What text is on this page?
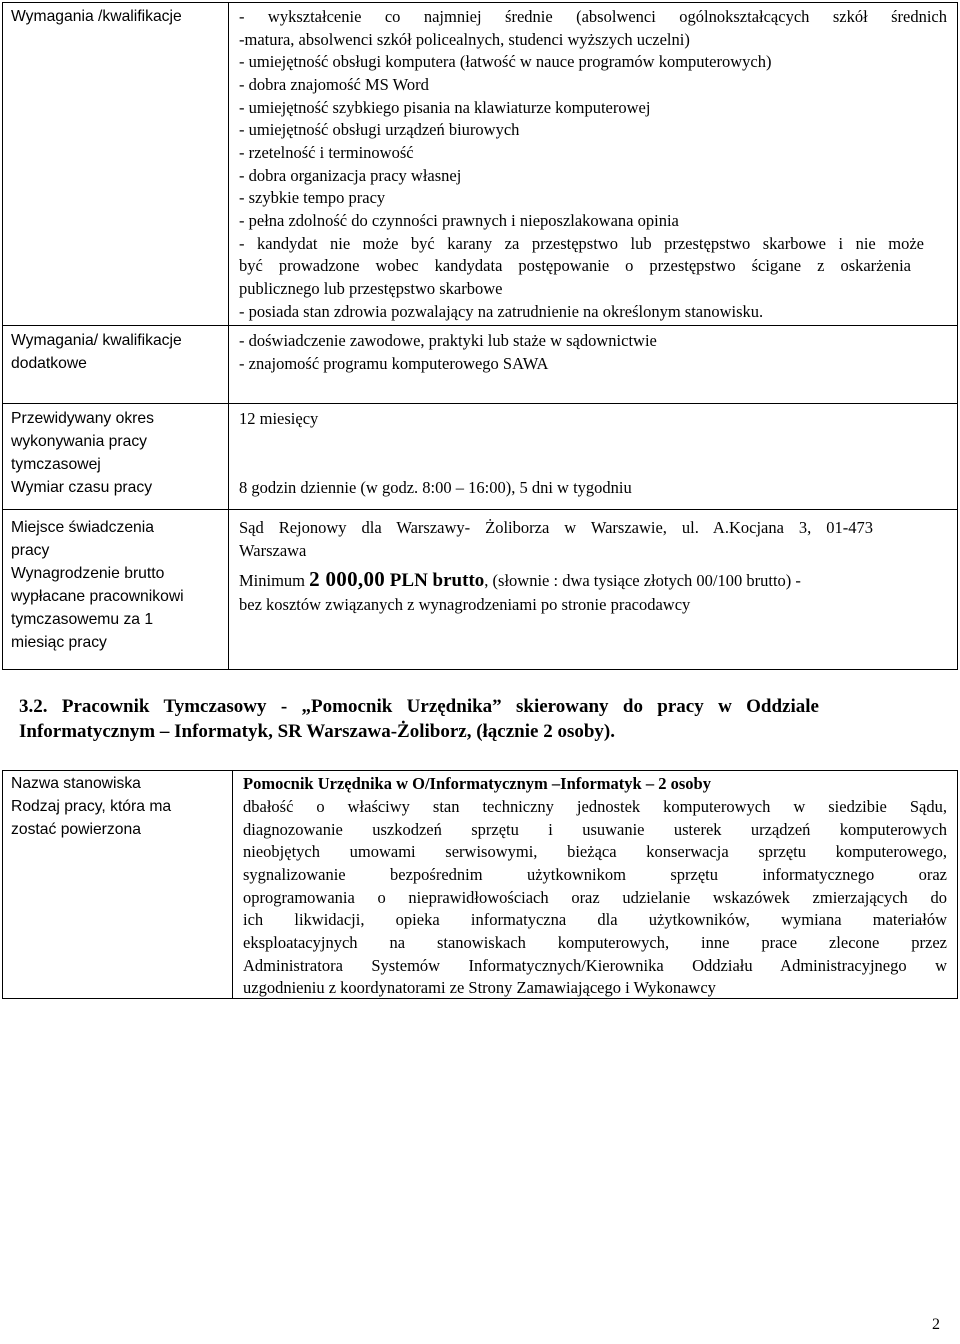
Wymagania /kwalifikacje
Wymagania/ kwalifikacje
dodatkowe
Przewidywany okres
wykonywania pracy
tymczasowej
Wymiar czasu pracy
Miejsce świadczenia
pracy
Wynagrodzenie brutto
wypłacane pracownikowi
tymczasowemu za 1
miesiąc pracy
- wykształcenie co najmniej średnie (absolwenci ogólnokształcących szkół średnich
-matura, absolwenci szkół policealnych, studenci wyższych uczelni)
- umiejętność obsługi komputera (łatwość w nauce programów komputerowych)
- dobra znajomość MS Word
- umiejętność szybkiego pisania na klawiaturze komputerowej
- umiejętność obsługi urządzeń biurowych
- rzetelność i terminowość
- dobra organizacja pracy własnej
- szybkie tempo pracy
- pełna zdolność do czynności prawnych i nieposzlakowana opinia
- kandydat nie może być karany za przestępstwo lub przestępstwo skarbowe i nie może
być prowadzone wobec kandydata postępowanie o przestępstwo ścigane z oskarżenia
publicznego lub przestępstwo skarbowe
- posiada stan zdrowia pozwalający na zatrudnienie na określonym stanowisku.
- doświadczenie zawodowe, praktyki lub staże w sądownictwie
- znajomość programu komputerowego SAWA
12 miesięcy
8 godzin dziennie (w godz. 8:00 – 16:00), 5 dni w tygodniu
Sąd Rejonowy dla Warszawy- Żoliborza w Warszawie, ul. A.Kocjana 3, 01-473
Warszawa
Minimum 2 000,00 PLN brutto, (słownie : dwa tysiące złotych 00/100 brutto) -
bez kosztów związanych z wynagrodzeniami po stronie pracodawcy
3.2. Pracownik Tymczasowy - „Pomocnik Urzędnika” skierowany do pracy w Oddziale
Informatycznym – Informatyk, SR Warszawa-Żoliborz, (łącznie 2 osoby).
Nazwa stanowiska
Rodzaj pracy, która ma
zostać powierzona
Pomocnik Urzędnika w O/Informatycznym –Informatyk – 2 osoby
dbałość o właściwy stan techniczny jednostek komputerowych w siedzibie Sądu,
diagnozowanie uszkodzeń sprzętu i usuwanie usterek urządzeń komputerowych
nieobjętych umowami serwisowymi, bieżąca konserwacja sprzętu komputerowego,
sygnalizowanie bezpośrednim użytkownikom sprzętu informatycznego oraz
oprogramowania o nieprawidłowościach oraz udzielanie wskazówek zmierzających do
ich likwidacji, opieka informatyczna dla użytkowników, wymiana materiałów
eksploatacyjnych na stanowiskach komputerowych, inne prace zlecone przez
Administratora Systemów Informatycznych/Kierownika Oddziału Administracyjnego w
uzgodnieniu z koordynatorami ze Strony Zamawiającego i Wykonawcy
2
